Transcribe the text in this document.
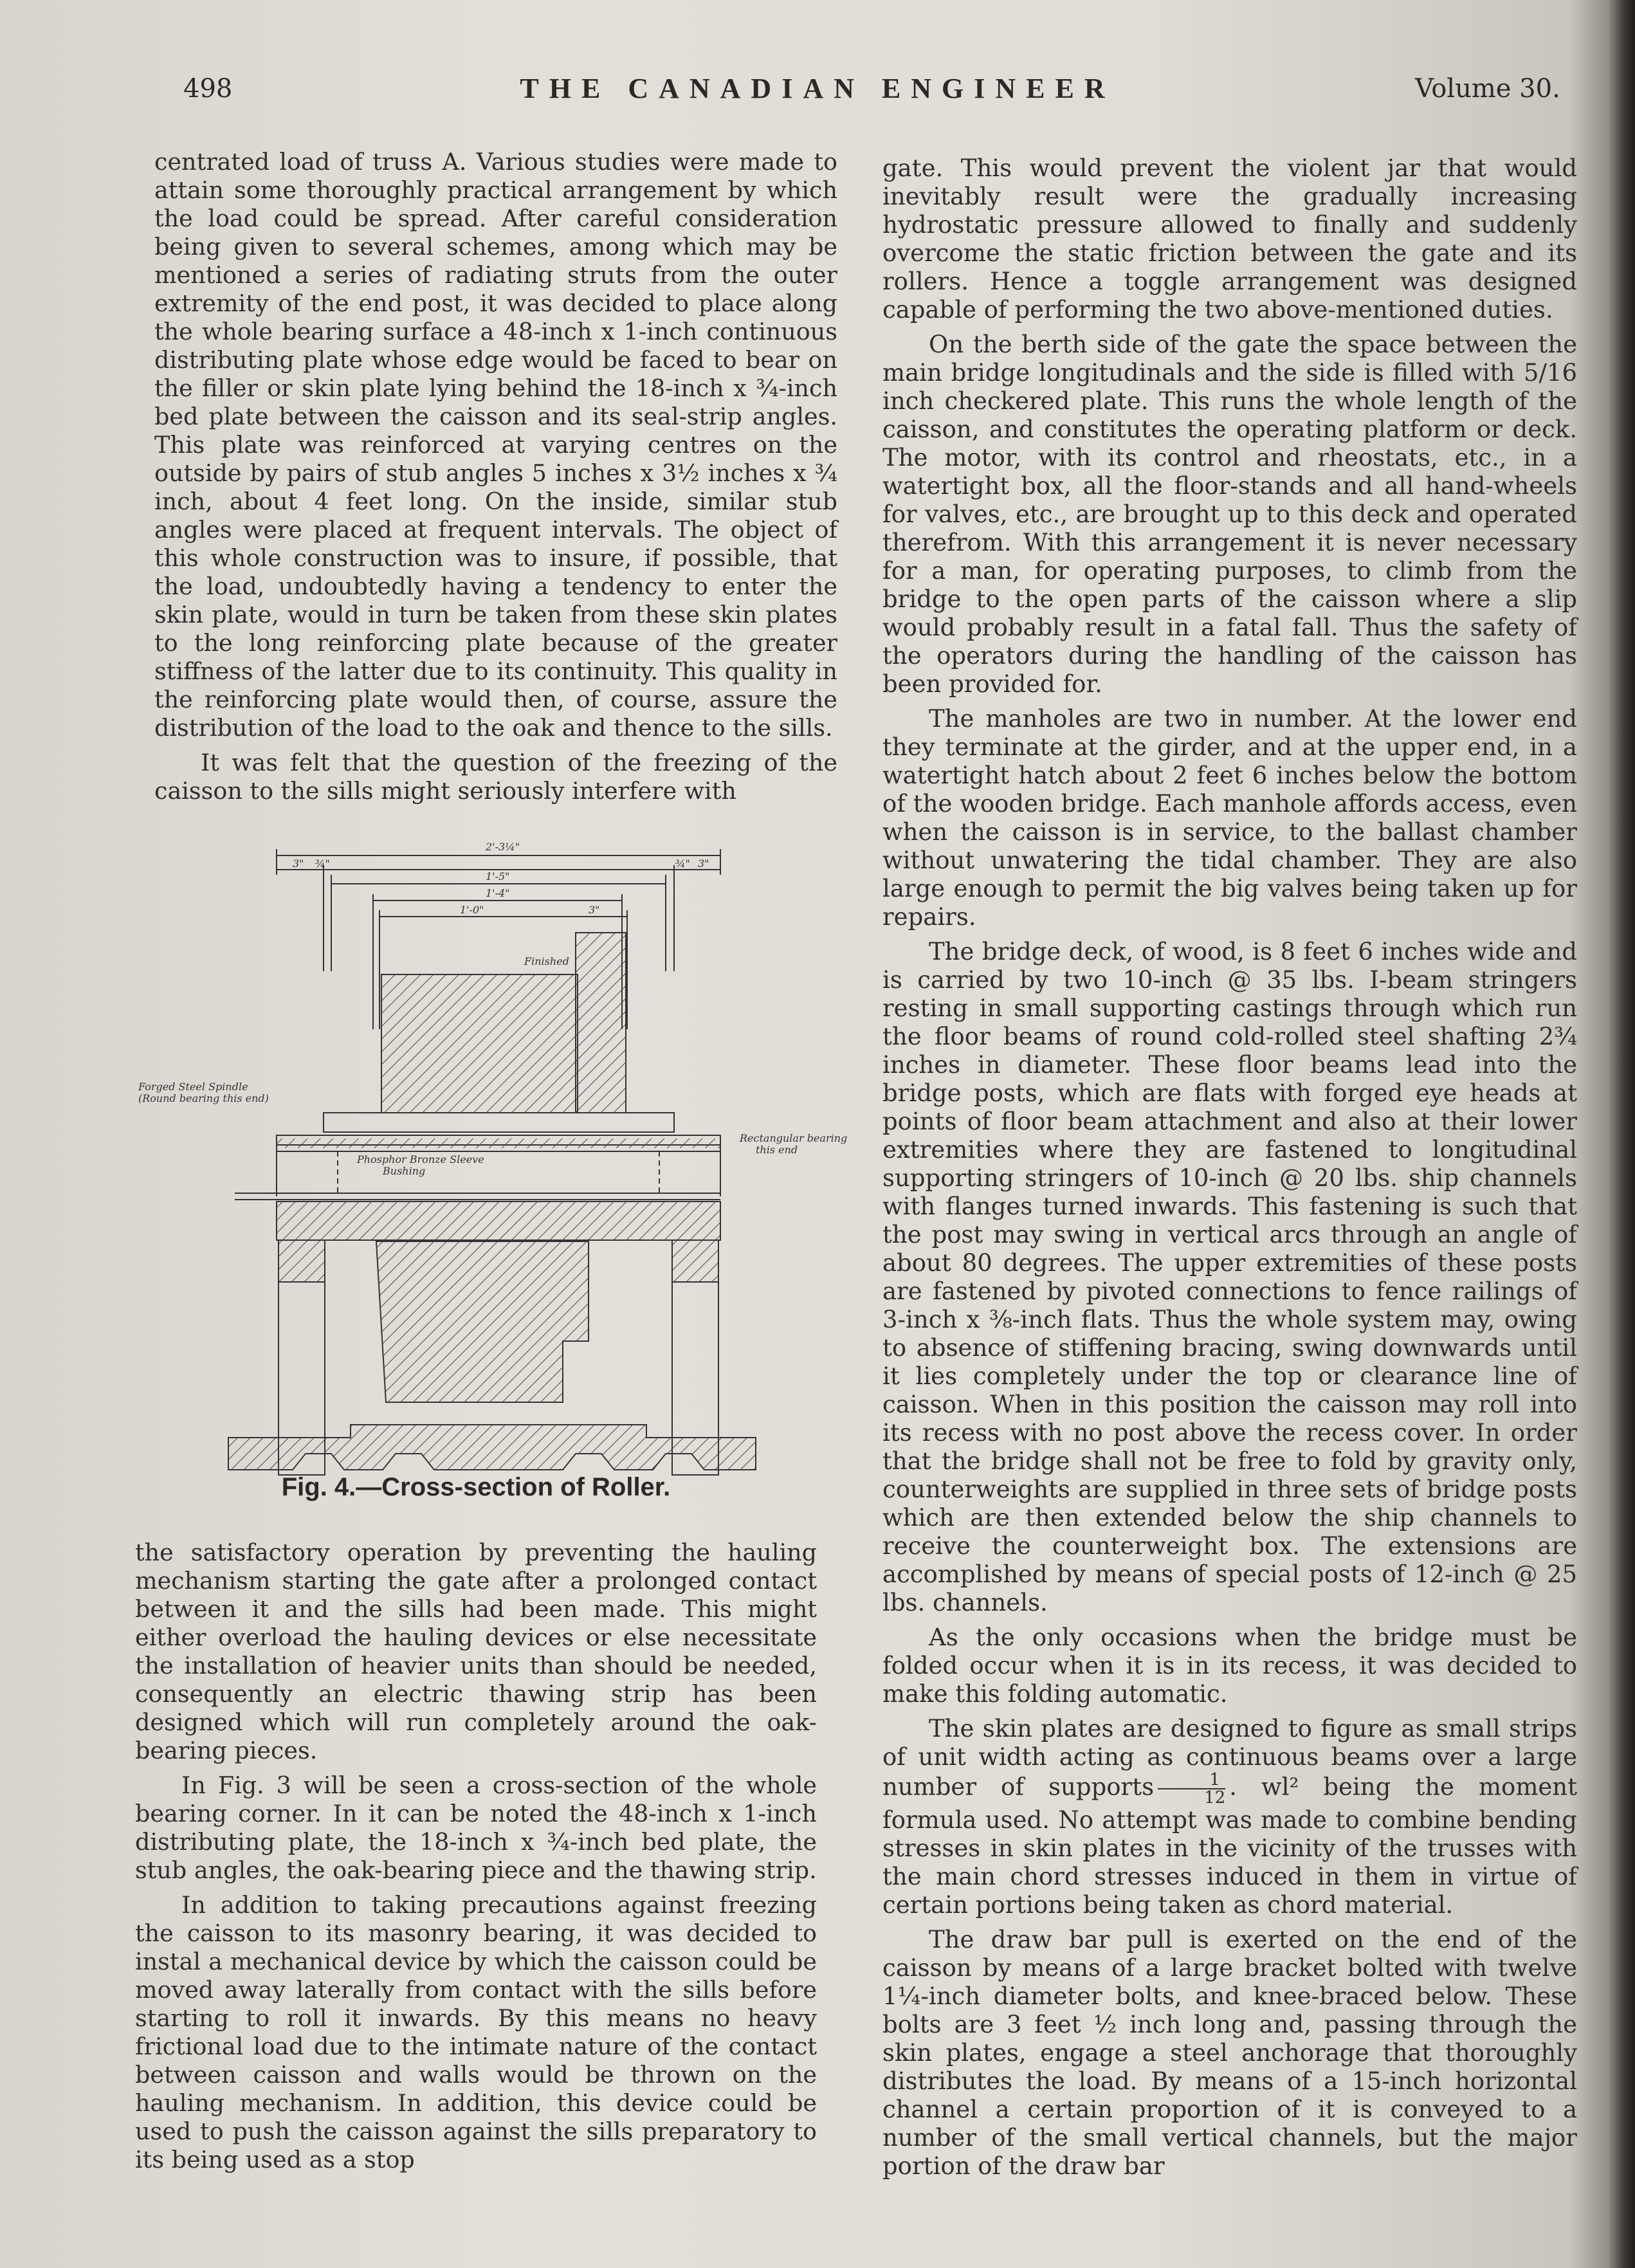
498	THE CANADIAN ENGINEER	Volume 30.

centrated load of truss A. Various studies were made to attain some thoroughly practical arrangement by which the load could be spread. After careful consideration being given to several schemes, among which may be mentioned a series of radiating struts from the outer extremity of the end post, it was decided to place along the whole bearing surface a 48-inch x 1-inch continuous distributing plate whose edge would be faced to bear on the filler or skin plate lying behind the 18-inch x ¾-inch bed plate between the caisson and its seal-strip angles. This plate was reinforced at varying centres on the outside by pairs of stub angles 5 inches x 3½ inches x ¾ inch, about 4 feet long. On the inside, similar stub angles were placed at frequent intervals. The object of this whole construction was to insure, if possible, that the load, undoubtedly having a tendency to enter the skin plate, would in turn be taken from these skin plates to the long reinforcing plate because of the greater stiffness of the latter due to its continuity. This quality in the reinforcing plate would then, of course, assure the distribution of the load to the oak and thence to the sills.

It was felt that the question of the freezing of the caisson to the sills might seriously interfere with

2'-3¼"
3" ¾"
1'-5"
1'-4"
¾" 3"
1'-0"	3"
Finished
Forged Steel Spindle
(Round bearing this end)
Phosphor Bronze Sleeve
Bushing
Rectangular bearing
this end
Fig. 4.—Cross-section of Roller.

the satisfactory operation by preventing the hauling mechanism starting the gate after a prolonged contact between it and the sills had been made. This might either overload the hauling devices or else necessitate the installation of heavier units than should be needed, consequently an electric thawing strip has been designed which will run completely around the oak-bearing pieces.

In Fig. 3 will be seen a cross-section of the whole bearing corner. In it can be noted the 48-inch x 1-inch distributing plate, the 18-inch x ¾-inch bed plate, the stub angles, the oak-bearing piece and the thawing strip.

In addition to taking precautions against freezing the caisson to its masonry bearing, it was decided to instal a mechanical device by which the caisson could be moved away laterally from contact with the sills before starting to roll it inwards. By this means no heavy frictional load due to the intimate nature of the contact between caisson and walls would be thrown on the hauling mechanism. In addition, this device could be used to push the caisson against the sills preparatory to its being used as a stop

gate. This would prevent the violent jar that would inevitably result were the gradually increasing hydrostatic pressure allowed to finally and suddenly overcome the static friction between the gate and its rollers. Hence a toggle arrangement was designed capable of performing the two above-mentioned duties.

On the berth side of the gate the space between the main bridge longitudinals and the side is filled with 5/16 inch checkered plate. This runs the whole length of the caisson, and constitutes the operating platform or deck. The motor, with its control and rheostats, etc., in a watertight box, all the floor-stands and all hand-wheels for valves, etc., are brought up to this deck and operated therefrom. With this arrangement it is never necessary for a man, for operating purposes, to climb from the bridge to the open parts of the caisson where a slip would probably result in a fatal fall. Thus the safety of the operators during the handling of the caisson has been provided for.

The manholes are two in number. At the lower end they terminate at the girder, and at the upper end, in a watertight hatch about 2 feet 6 inches below the bottom of the wooden bridge. Each manhole affords access, even when the caisson is in service, to the ballast chamber without unwatering the tidal chamber. They are also large enough to permit the big valves being taken up for repairs.

The bridge deck, of wood, is 8 feet 6 inches wide and is carried by two 10-inch @ 35 lbs. I-beam stringers resting in small supporting castings through which run the floor beams of round cold-rolled steel shafting 2¾ inches in diameter. These floor beams lead into the bridge posts, which are flats with forged eye heads at points of floor beam attachment and also at their lower extremities where they are fastened to longitudinal supporting stringers of 10-inch @ 20 lbs. ship channels with flanges turned inwards. This fastening is such that the post may swing in vertical arcs through an angle of about 80 degrees. The upper extremities of these posts are fastened by pivoted connections to fence railings of 3-inch x ⅜-inch flats. Thus the whole system may, owing to absence of stiffening bracing, swing downwards until it lies completely under the top or clearance line of caisson. When in this position the caisson may roll into its recess with no post above the recess cover. In order that the bridge shall not be free to fold by gravity only, counterweights are supplied in three sets of bridge posts which are then extended below the ship channels to receive the counterweight box. The extensions are accomplished by means of special posts of 12-inch @ 25 lbs. channels.

As the only occasions when the bridge must be folded occur when it is in its recess, it was decided to make this folding automatic.

The skin plates are designed to figure as small strips of unit width acting as continuous beams over a large number of supports $\frac{1}{12}$ . wl² being the moment formula used. No attempt was made to combine bending stresses in skin plates in the vicinity of the trusses with the main chord stresses induced in them in virtue of certain portions being taken as chord material.

The draw bar pull is exerted on the end of the caisson by means of a large bracket bolted with twelve 1¼-inch diameter bolts, and knee-braced below. These bolts are 3 feet ½ inch long and, passing through the skin plates, engage a steel anchorage that thoroughly distributes the load. By means of a 15-inch horizontal channel a certain proportion of it is conveyed to a number of the small vertical channels, but the major portion of the draw bar
